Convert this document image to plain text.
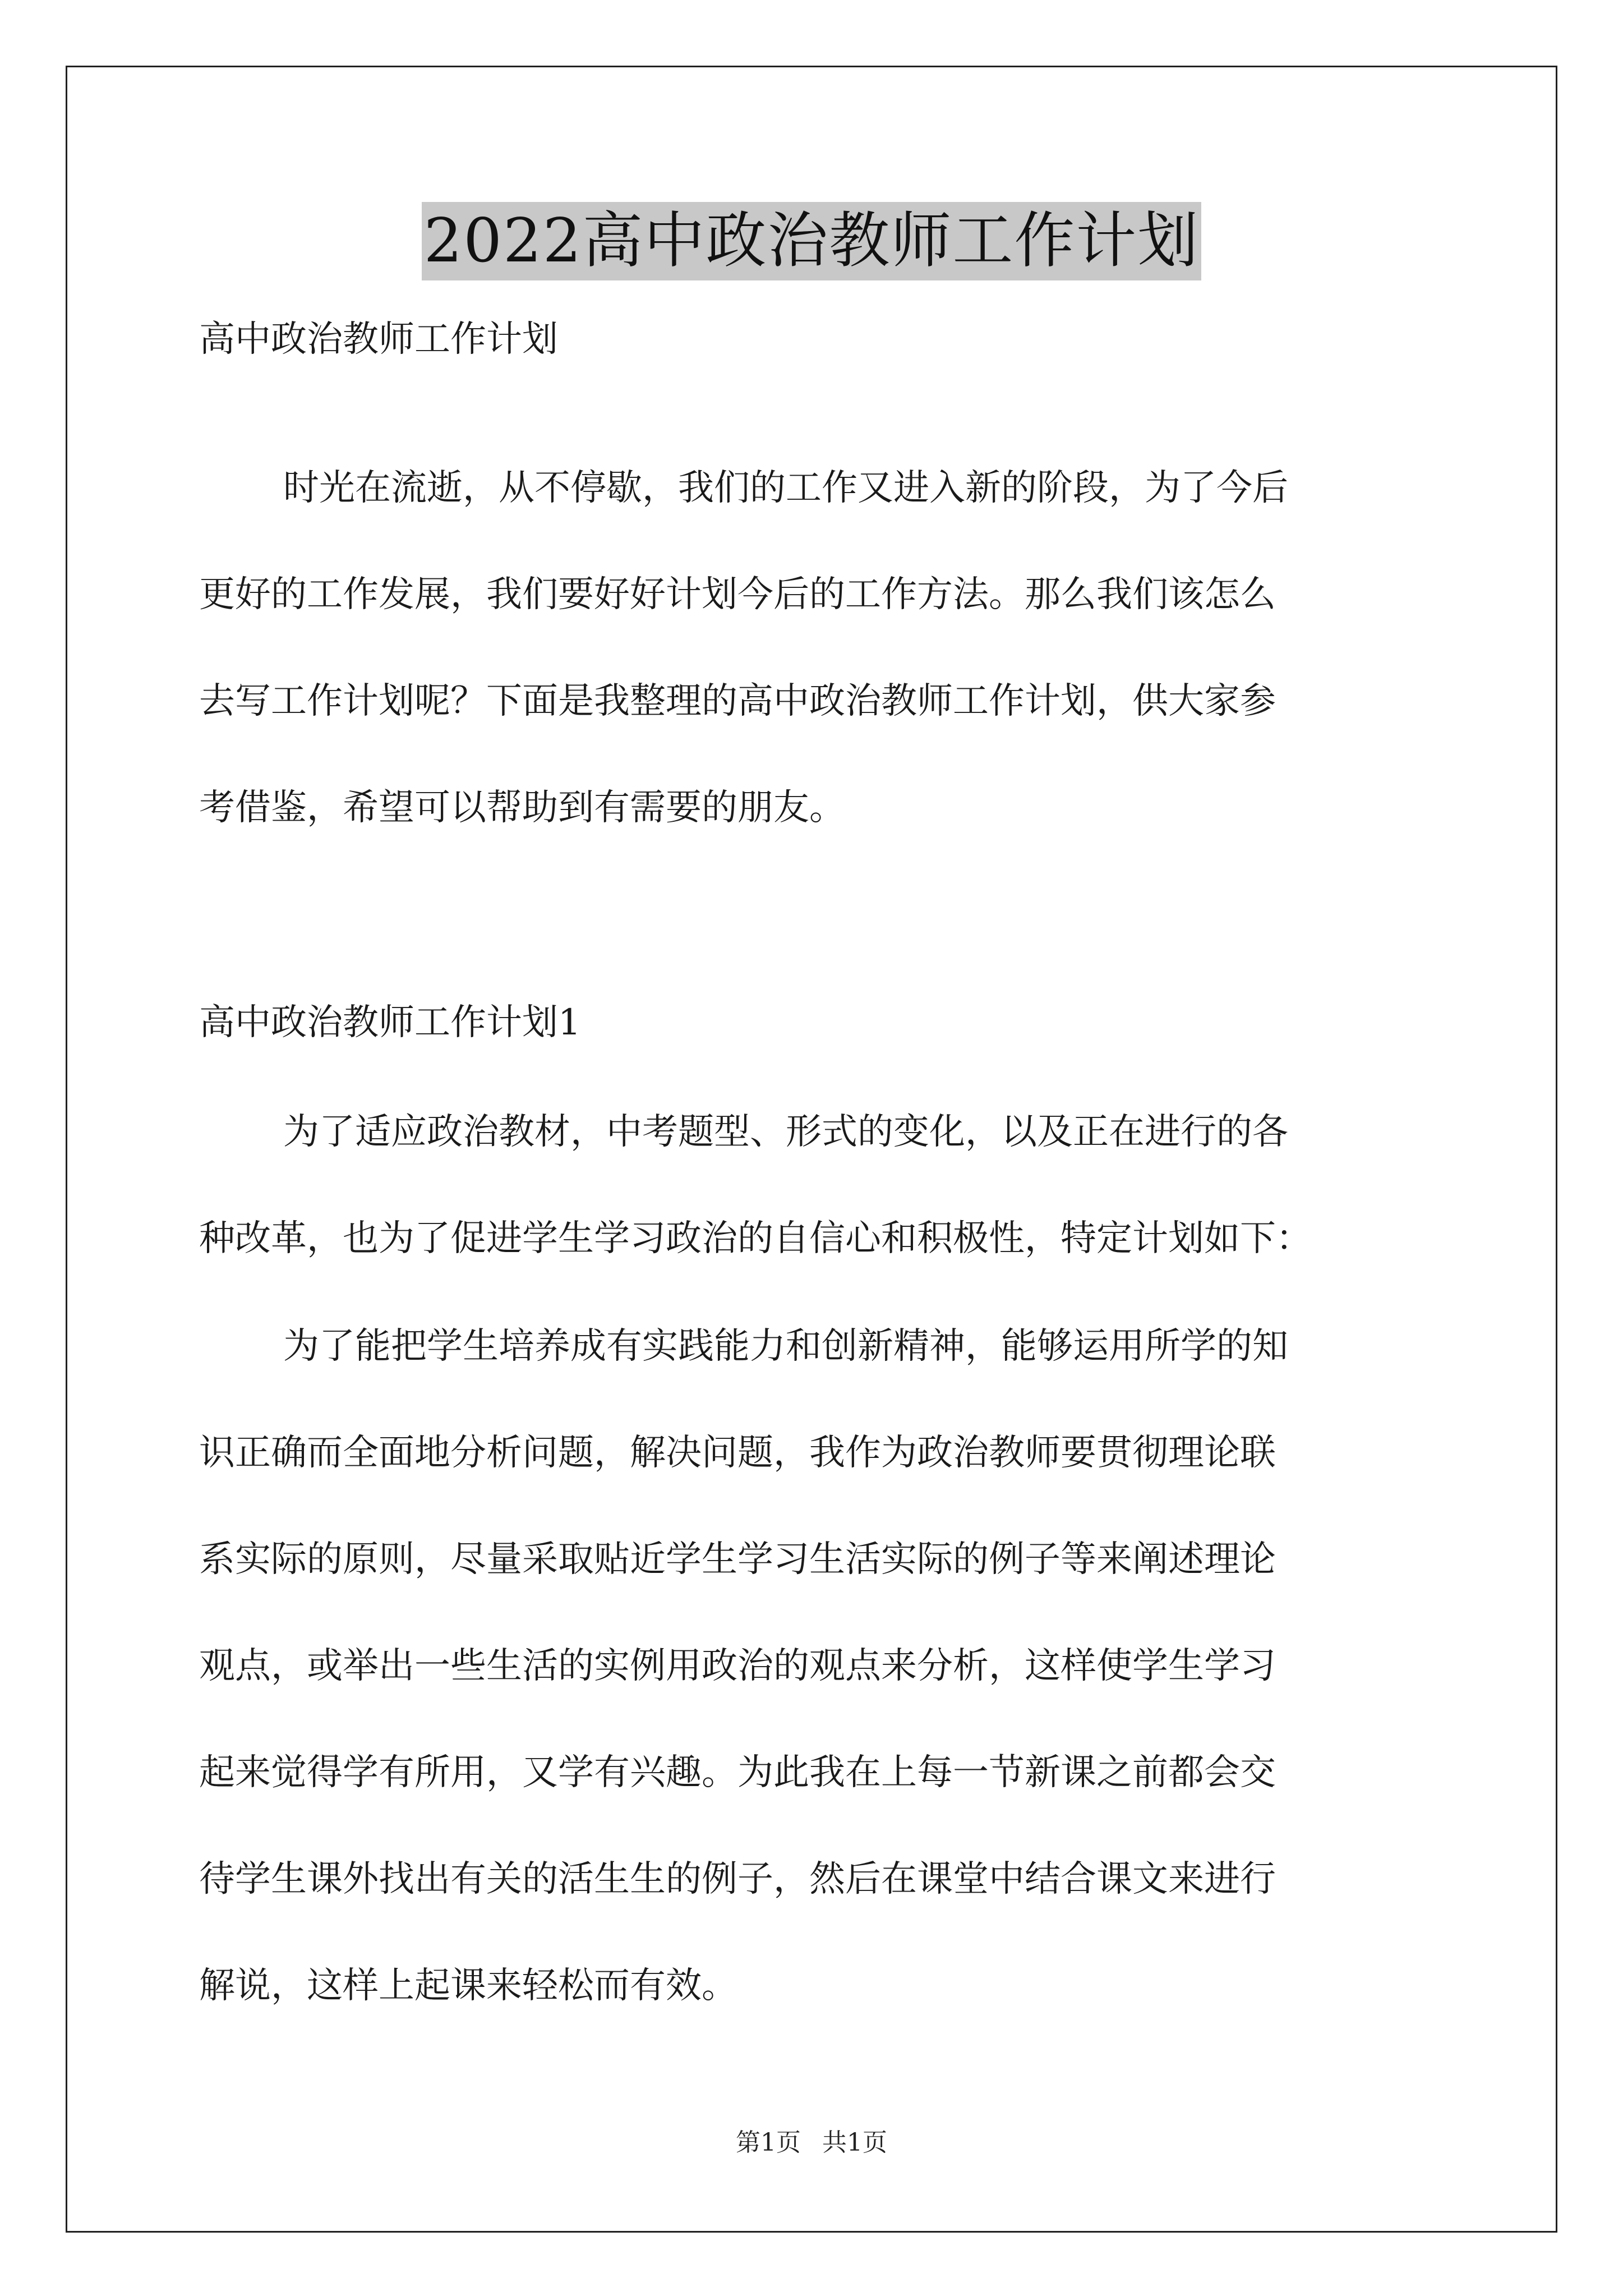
2022高中政治教师工作计划
高中政治教师工作计划
时光在流逝，从不停歇，我们的工作又进入新的阶段，为了今后
更好的工作发展，我们要好好计划今后的工作方法。那么我们该怎么
去写工作计划呢？下面是我整理的高中政治教师工作计划，供大家参
考借鉴，希望可以帮助到有需要的朋友。
高中政治教师工作计划1
为了适应政治教材，中考题型、形式的变化，以及正在进行的各
种改革，也为了促进学生学习政治的自信心和积极性，特定计划如下：
为了能把学生培养成有实践能力和创新精神，能够运用所学的知
识正确而全面地分析问题，解决问题，我作为政治教师要贯彻理论联
系实际的原则，尽量采取贴近学生学习生活实际的例子等来阐述理论
观点，或举出一些生活的实例用政治的观点来分析，这样使学生学习
起来觉得学有所用，又学有兴趣。为此我在上每一节新课之前都会交
待学生课外找出有关的活生生的例子，然后在课堂中结合课文来进行
解说，这样上起课来轻松而有效。
第1页 共1页
